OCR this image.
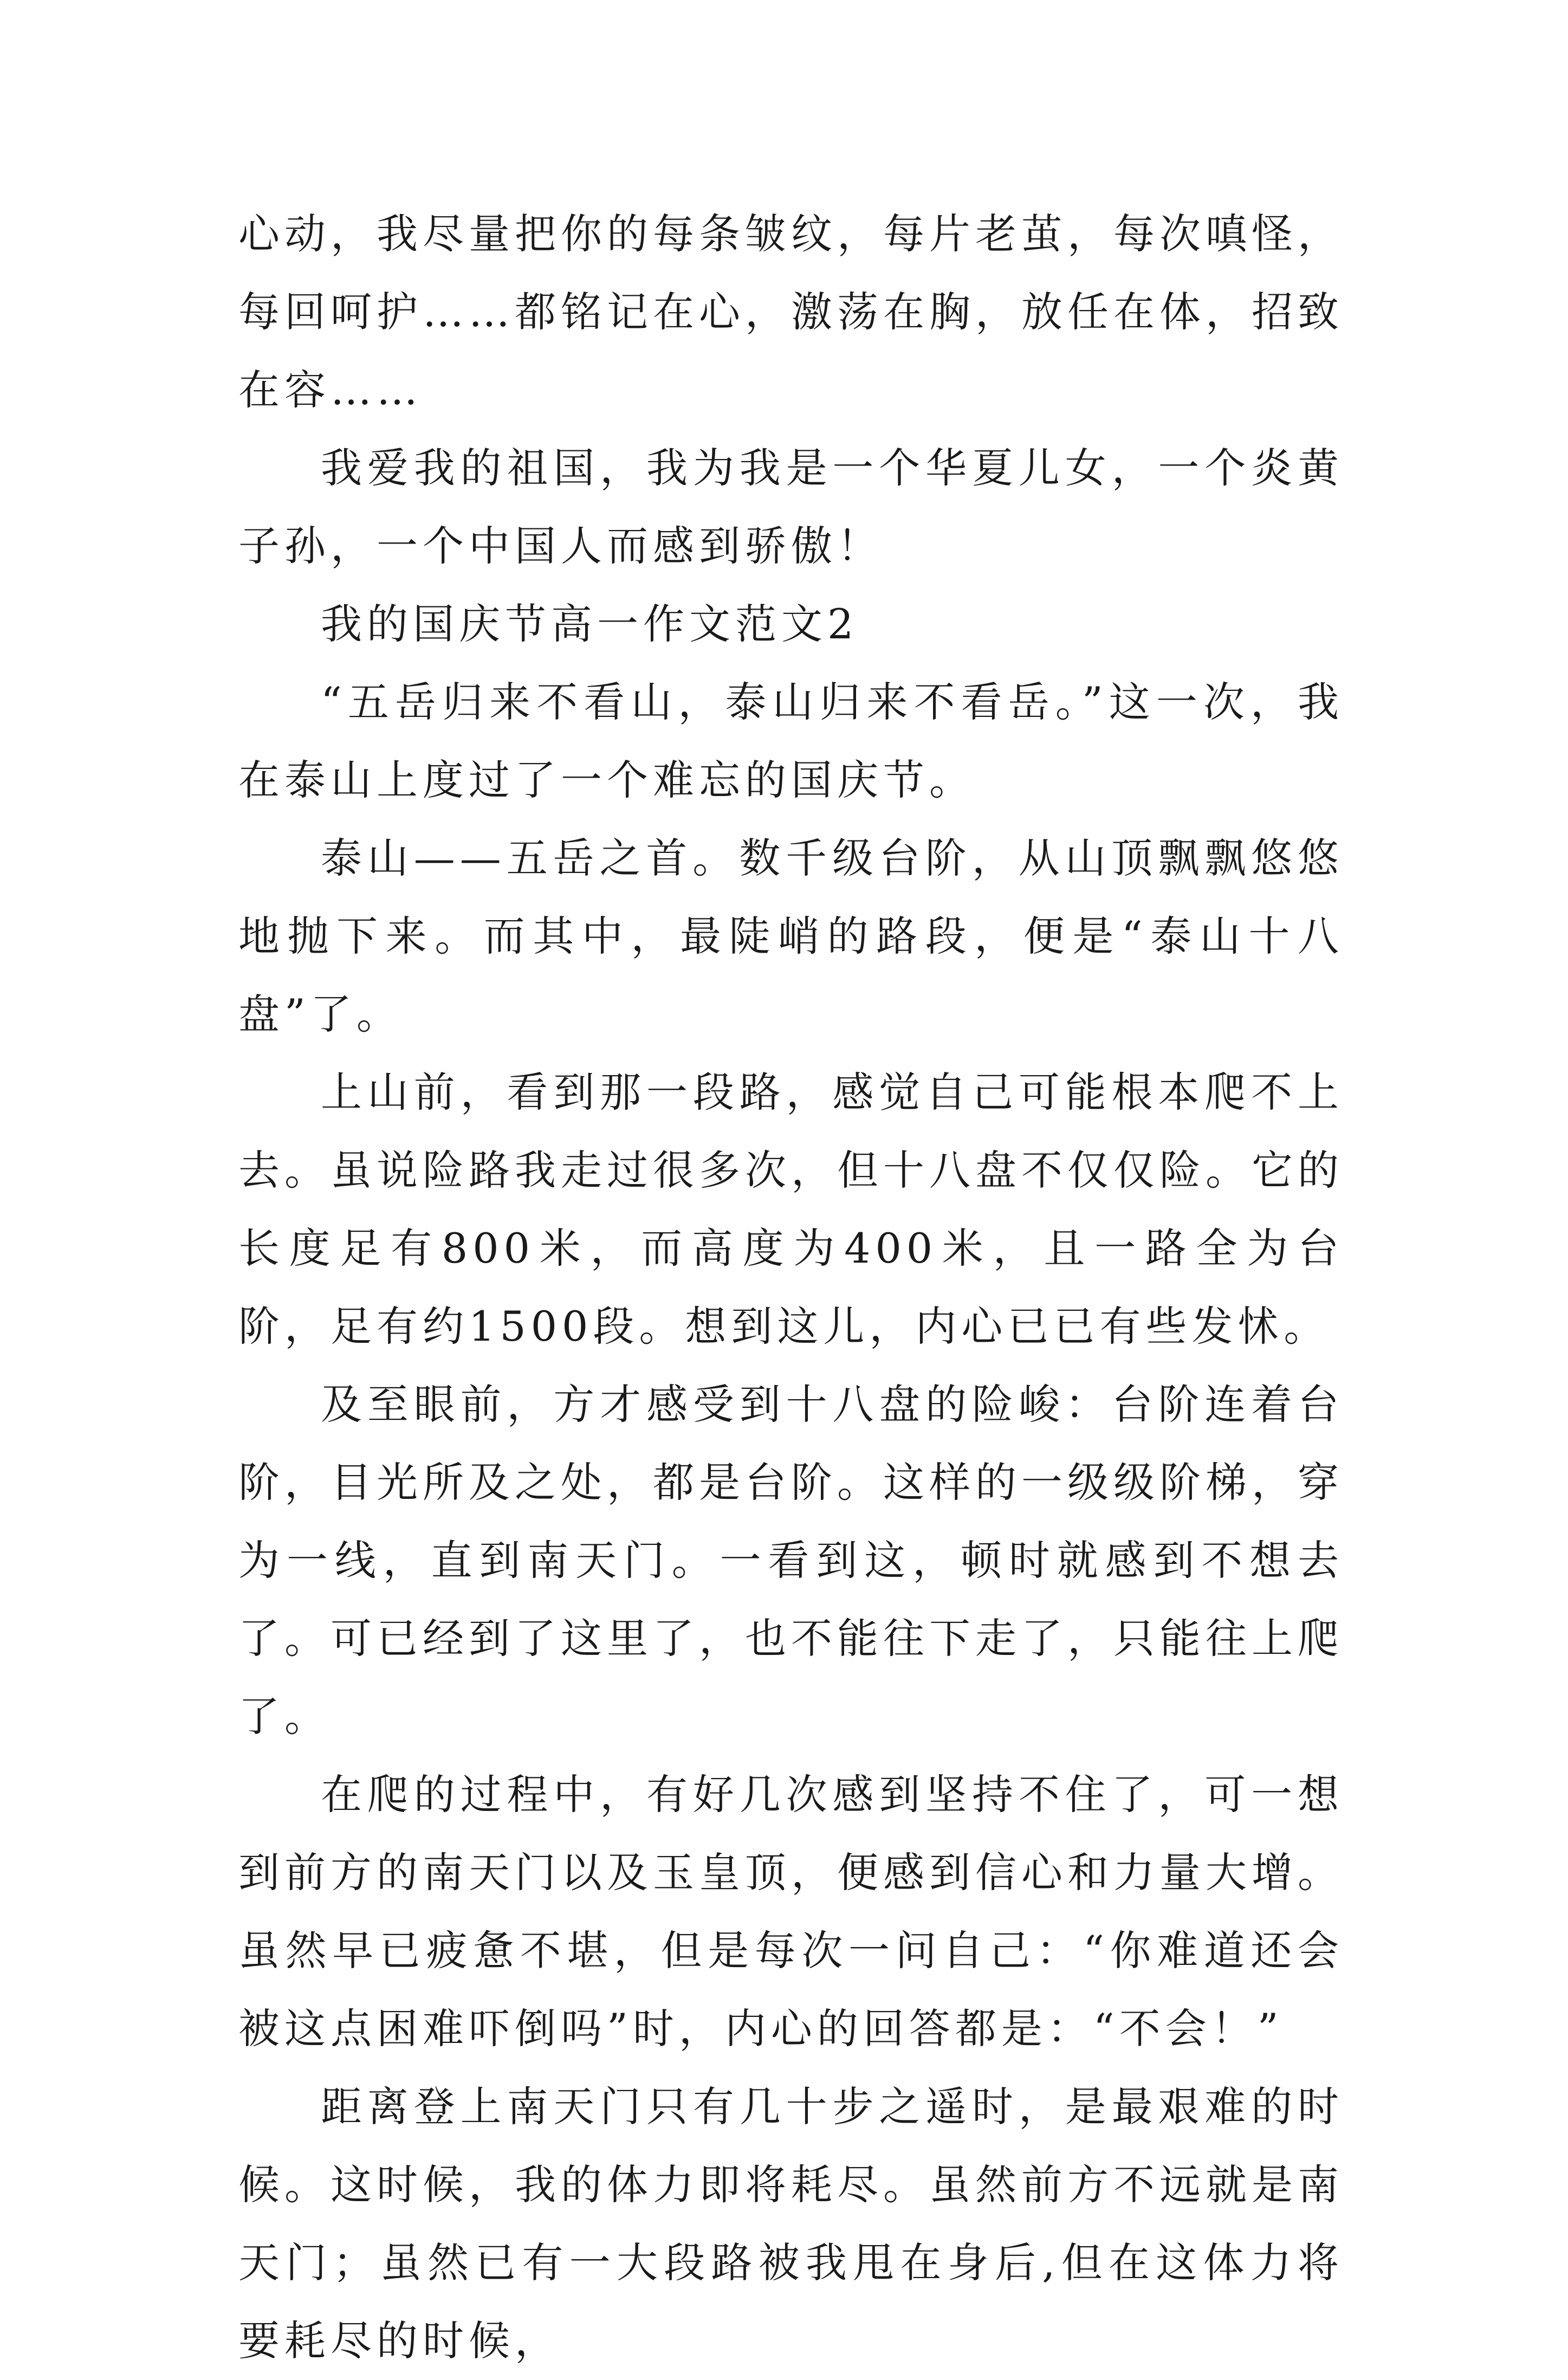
心动，我尽量把你的每条皱纹，每片老茧，每次嗔怪，每回呵护……都铭记在心，激荡在胸，放任在体，招致在容……

我爱我的祖国，我为我是一个华夏儿女，一个炎黄子孙，一个中国人而感到骄傲！

我的国庆节高一作文范文2

“五岳归来不看山，泰山归来不看岳。”这一次，我在泰山上度过了一个难忘的国庆节。

泰山——五岳之首。数千级台阶，从山顶飘飘悠悠地抛下来。而其中，最陡峭的路段，便是“泰山十八盘”了。

上山前，看到那一段路，感觉自己可能根本爬不上去。虽说险路我走过很多次，但十八盘不仅仅险。它的长度足有800米，而高度为400米，且一路全为台阶，足有约1500段。想到这儿，内心已已有些发怵。

及至眼前，方才感受到十八盘的险峻：台阶连着台阶，目光所及之处，都是台阶。这样的一级级阶梯，穿为一线，直到南天门。一看到这，顿时就感到不想去了。可已经到了这里了，也不能往下走了，只能往上爬了。

在爬的过程中，有好几次感到坚持不住了，可一想到前方的南天门以及玉皇顶，便感到信心和力量大增。虽然早已疲惫不堪，但是每次一问自己：“你难道还会被这点困难吓倒吗”时，内心的回答都是：“不会！”

距离登上南天门只有几十步之遥时，是最艰难的时候。这时候，我的体力即将耗尽。虽然前方不远就是南天门；虽然已有一大段路被我甩在身后,但在这体力将要耗尽的时候，
